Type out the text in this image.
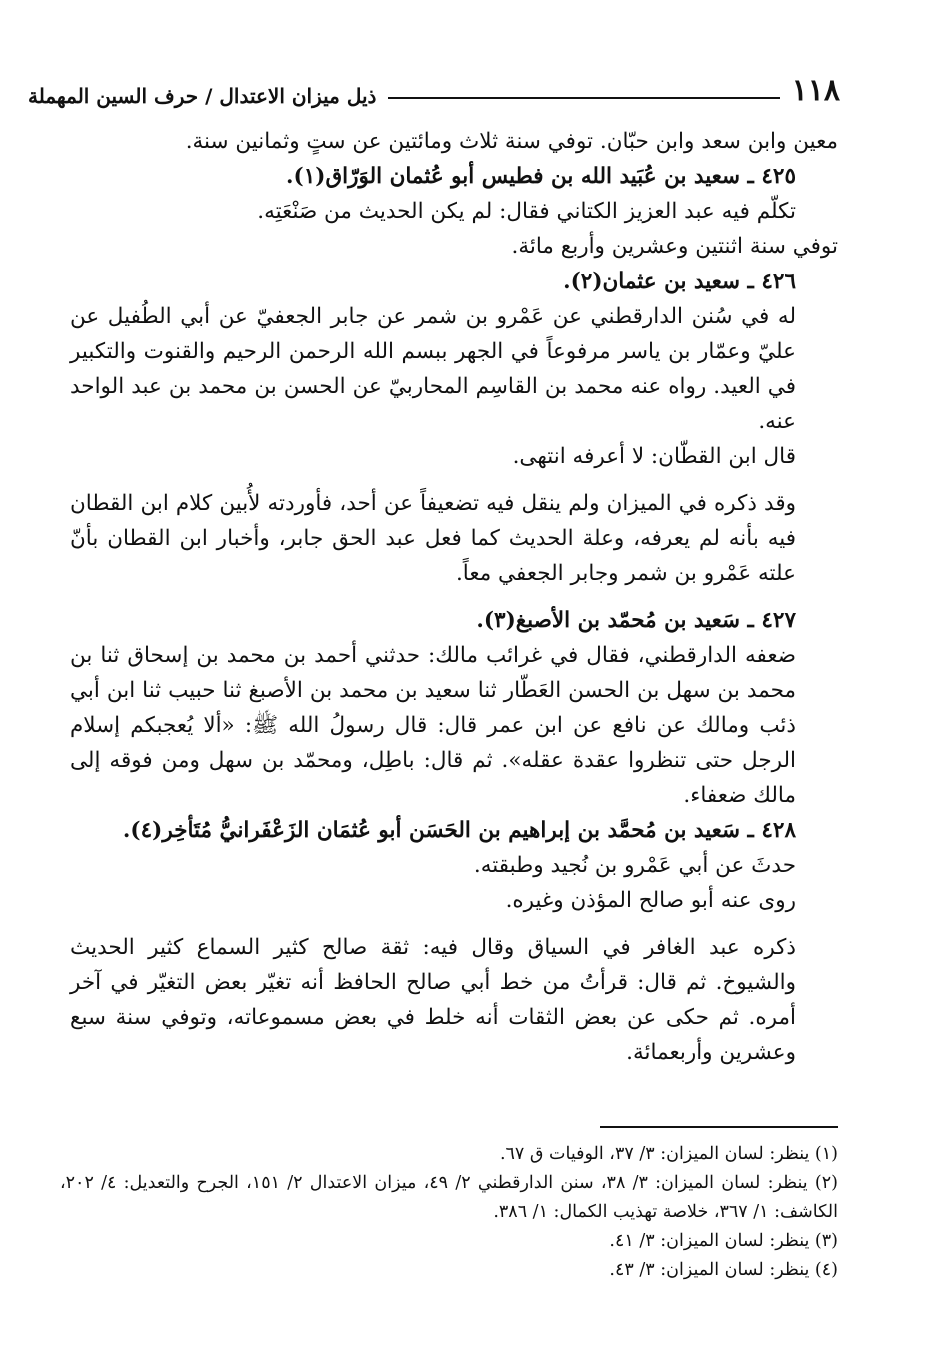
ذيل ميزان الاعتدال / حرف السين المهملة	١١٨

معين وابن سعد وابن حبّان. توفي سنة ثلاث ومائتين عن ستٍ وثمانين سنة.

٤٢٥ ـ سعيد بن عُبَيد الله بن فطيس أبو عُثمان الوَرّاق(١).

تكلّم فيه عبد العزيز الكتاني فقال: لم يكن الحديث من صَنْعَتِه.

توفي سنة اثنتين وعشرين وأربع مائة.

٤٢٦ ـ سعيد بن عثمان(٢).

له في سُنن الدارقطني عن عَمْرو بن شمر عن جابر الجعفيّ عن أبي الطُفيل عن عليّ وعمّار بن ياسر مرفوعاً في الجهر ببسم الله الرحمن الرحيم والقنوت والتكبير في العيد. رواه عنه محمد بن القاسِم المحاربيّ عن الحسن بن محمد بن عبد الواحد عنه.

قال ابن القطّان: لا أعرفه انتهى.

وقد ذكره في الميزان ولم ينقل فيه تضعيفاً عن أحد، فأوردته لأُبين كلام ابن القطان فيه بأنه لم يعرفه، وعلة الحديث كما فعل عبد الحق جابر، وأخبار ابن القطان بأنّ علته عَمْرو بن شمر وجابر الجعفي معاً.

٤٢٧ ـ سَعيد بن مُحمّد بن الأصبغ(٣).

ضعفه الدارقطني، فقال في غرائب مالك: حدثني أحمد بن محمد بن إسحاق ثنا بن محمد بن سهل بن الحسن العَطّار ثنا سعيد بن محمد بن الأصبغ ثنا حبيب ثنا ابن أبي ذئب ومالك عن نافع عن ابن عمر قال: قال رسولُ الله ﷺ: «ألا يُعجبكم إسلام الرجل حتى تنظروا عقدة عقله». ثم قال: باطِل، ومحمّد بن سهل ومن فوقه إلى مالك ضعفاء.

٤٢٨ ـ سَعيد بن مُحمَّد بن إبراهيم بن الحَسَن أبو عُثمَان الزَعْفَرانيُّ مُتَأخِر(٤).

حدثَ عن أبي عَمْرو بن نُجيد وطبقته.

روى عنه أبو صالح المؤذن وغيره.

ذكره عبد الغافر في السياق وقال فيه: ثقة صالح كثير السماع كثير الحديث والشيوخ. ثم قال: قرأتُ من خط أبي صالح الحافظ أنه تغيّر بعض التغيّر في آخر أمره. ثم حكى عن بعض الثقات أنه خلط في بعض مسموعاته، وتوفي سنة سبع وعشرين وأربعمائة.

(١) ينظر: لسان الميزان: ٣/ ٣٧، الوفيات ق ٦٧.

(٢) ينظر: لسان الميزان: ٣/ ٣٨، سنن الدارقطني ٢/ ٤٩، ميزان الاعتدال ٢/ ١٥١، الجرح والتعديل: ٤/ ٢٠٢، الكاشف: ١/ ٣٦٧، خلاصة تهذيب الكمال: ١/ ٣٨٦.

(٣) ينظر: لسان الميزان: ٣/ ٤١.

(٤) ينظر: لسان الميزان: ٣/ ٤٣.
